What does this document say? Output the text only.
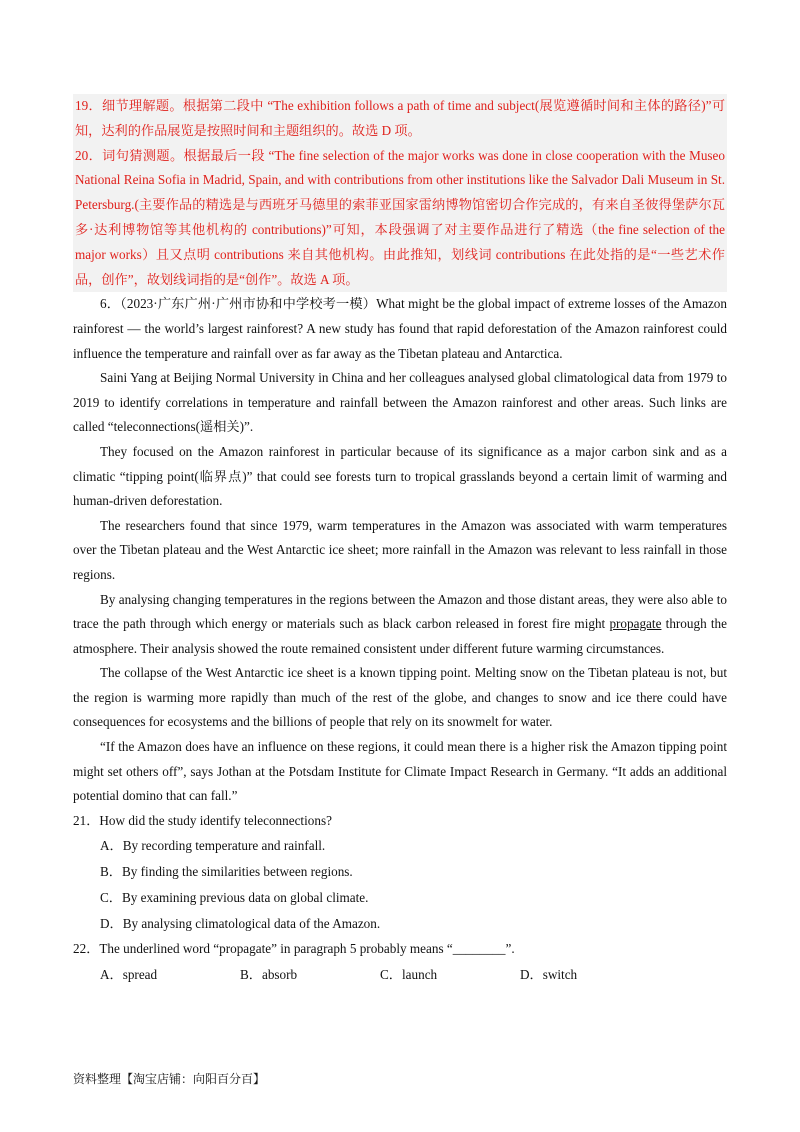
19．细节理解题。根据第二段中 “The exhibition follows a path of time and subject(展览遵循时间和主体的路径)”可知，达利的作品展览是按照时间和主题组织的。故选 D 项。

20．词句猜测题。根据最后一段 “The fine selection of the major works was done in close cooperation with the Museo National Reina Sofia in Madrid, Spain, and with contributions from other institutions like the Salvador Dali Museum in St. Petersburg.(主要作品的精选是与西班牙马德里的索菲亚国家雷纳博物馆密切合作完成的，有来自圣彼得堡萨尔瓦多·达利博物馆等其他机构的 contributions)”可知，本段强调了对主要作品进行了精选（the fine selection of the major works）且又点明 contributions 来自其他机构。由此推知，划线词 contributions 在此处指的是“一些艺术作品，创作”，故划线词指的是“创作”。故选 A 项。

6．（2023·广东广州·广州市协和中学校考一模）What might be the global impact of extreme losses of the Amazon rainforest — the world’s largest rainforest? A new study has found that rapid deforestation of the Amazon rainforest could influence the temperature and rainfall over as far away as the Tibetan plateau and Antarctica.

Saini Yang at Beijing Normal University in China and her colleagues analysed global climatological data from 1979 to 2019 to identify correlations in temperature and rainfall between the Amazon rainforest and other areas. Such links are called “teleconnections(遥相关)”.

They focused on the Amazon rainforest in particular because of its significance as a major carbon sink and as a climatic “tipping point(临界点)” that could see forests turn to tropical grasslands beyond a certain limit of warming and human-driven deforestation.

The researchers found that since 1979, warm temperatures in the Amazon was associated with warm temperatures over the Tibetan plateau and the West Antarctic ice sheet; more rainfall in the Amazon was relevant to less rainfall in those regions.

By analysing changing temperatures in the regions between the Amazon and those distant areas, they were also able to trace the path through which energy or materials such as black carbon released in forest fire might propagate through the atmosphere. Their analysis showed the route remained consistent under different future warming circumstances.

The collapse of the West Antarctic ice sheet is a known tipping point. Melting snow on the Tibetan plateau is not, but the region is warming more rapidly than much of the rest of the globe, and changes to snow and ice there could have consequences for ecosystems and the billions of people that rely on its snowmelt for water.

“If the Amazon does have an influence on these regions, it could mean there is a higher risk the Amazon tipping point might set others off”, says Jothan at the Potsdam Institute for Climate Impact Research in Germany. “It adds an additional potential domino that can fall.”

21．How did the study identify teleconnections?

A．By recording temperature and rainfall.

B．By finding the similarities between regions.

C．By examining previous data on global climate.

D．By analysing climatological data of the Amazon.

22．The underlined word “propagate” in paragraph 5 probably means “________”.

A．spread	B．absorb	C．launch	D．switch
资料整理【淘宝店铺：向阳百分百】
